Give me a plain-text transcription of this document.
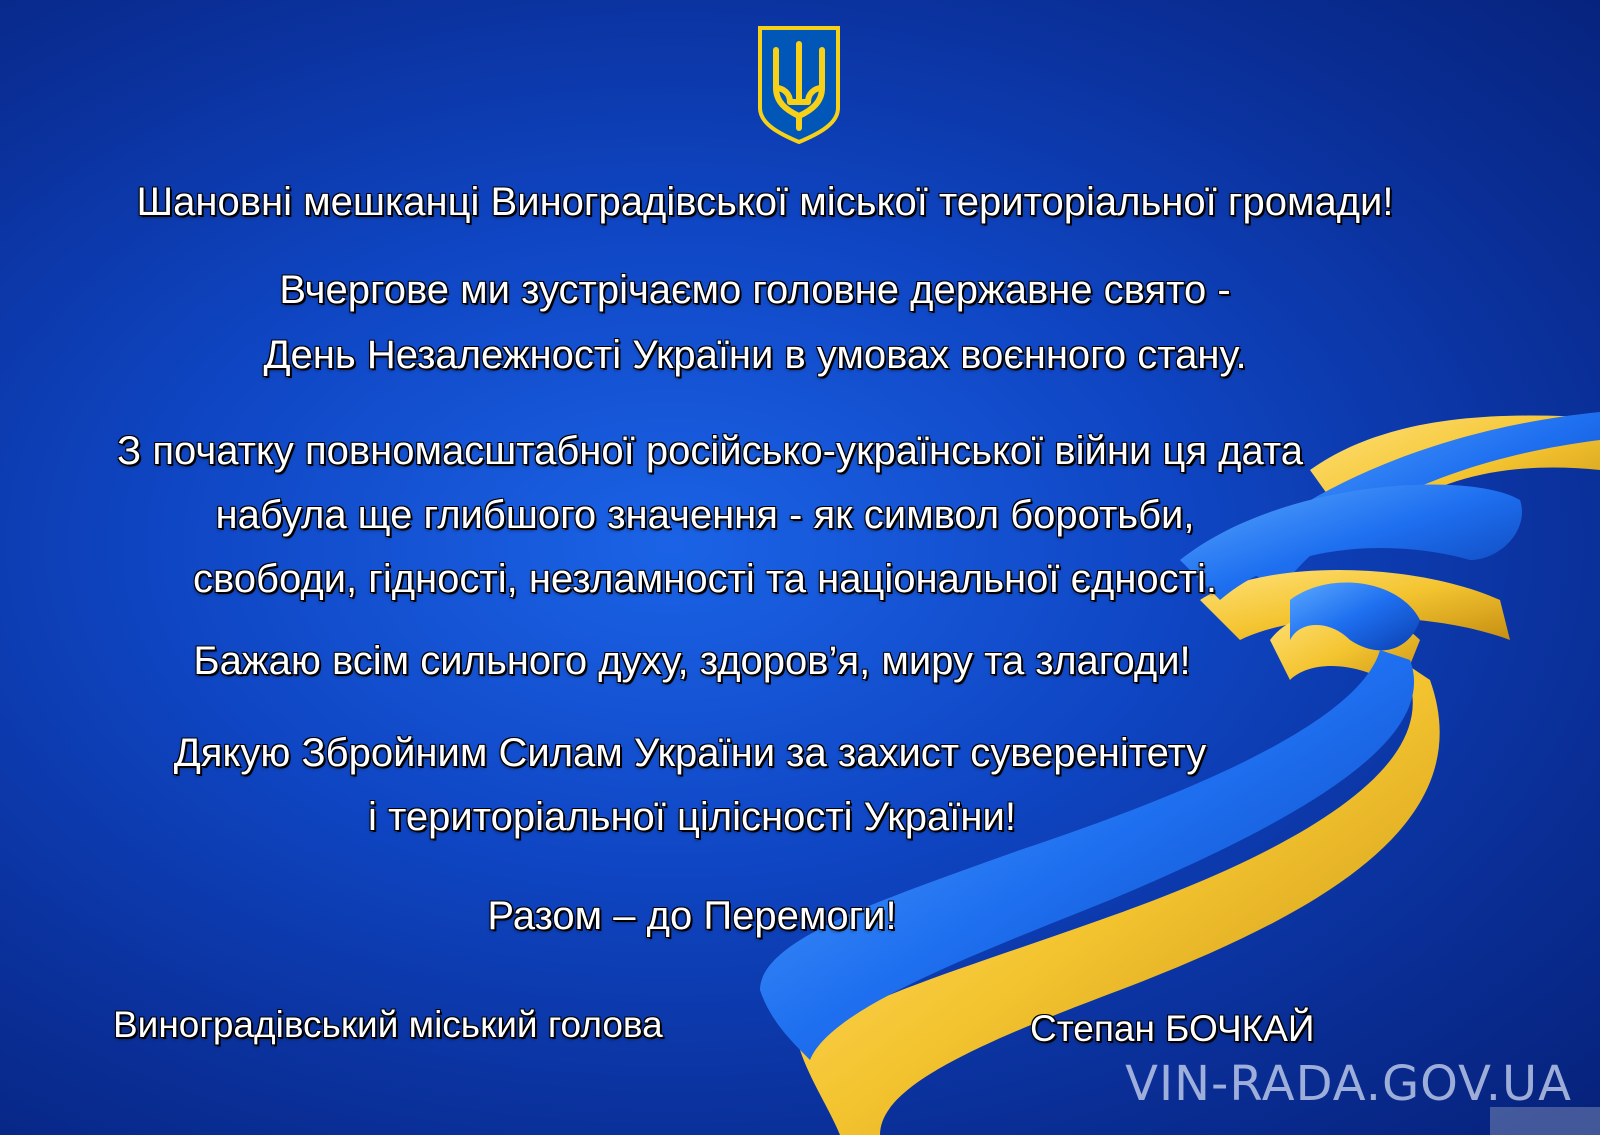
Шановні мешканці Виноградівської міської територіальної громади!

Вчергове ми зустрічаємо головне державне свято -

День Незалежності України в умовах воєнного стану.

З початку повномасштабної російсько-української війни ця дата

набула ще глибшого значення - як символ боротьби,

свободи, гідності, незламності та національної єдності.

Бажаю всім сильного духу, здоров’я, миру та злагоди!

Дякую Збройним Силам України за захист суверенітету

і територіальної цілісності України!

Разом – до Перемоги!

Виноградівський міський голова	Степан БОЧКАЙ

VIN-RADA.GOV.UA
